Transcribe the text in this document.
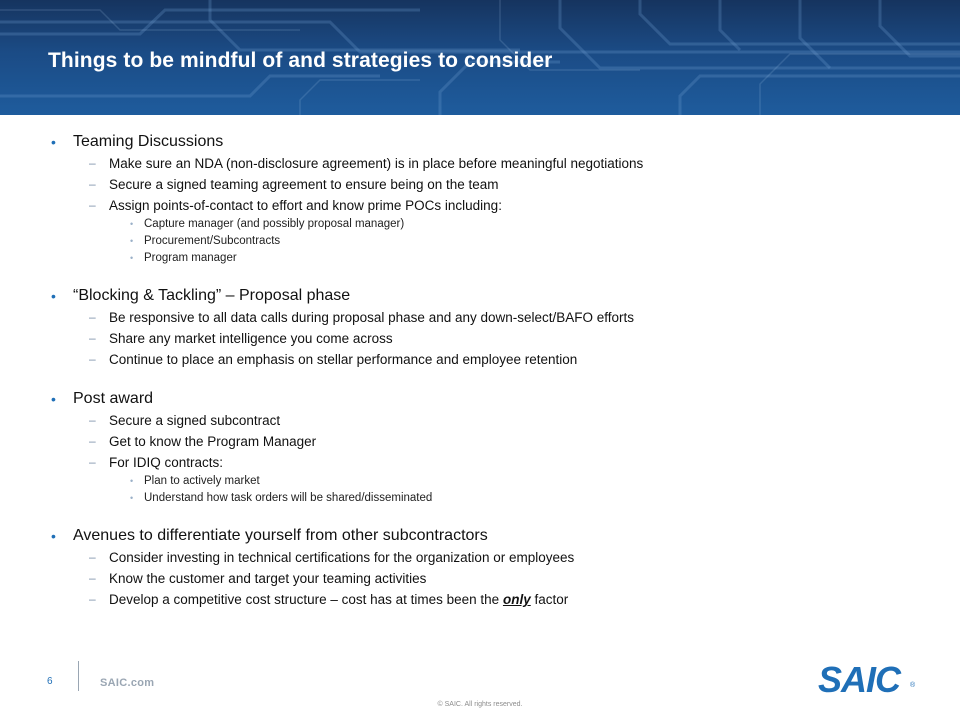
Things to be mindful of and strategies to consider
• Teaming Discussions
– Make sure an NDA (non-disclosure agreement) is in place before meaningful negotiations
– Secure a signed teaming agreement to ensure being on the team
– Assign points-of-contact to effort and know prime POCs including:
• Capture manager (and possibly proposal manager)
• Procurement/Subcontracts
• Program manager
• “Blocking & Tackling” – Proposal phase
– Be responsive to all data calls during proposal phase and any down-select/BAFO efforts
– Share any market intelligence you come across
– Continue to place an emphasis on stellar performance and employee retention
• Post award
– Secure a signed subcontract
– Get to know the Program Manager
– For IDIQ contracts:
• Plan to actively market
• Understand how task orders will be shared/disseminated
• Avenues to differentiate yourself from other subcontractors
– Consider investing in technical certifications for the organization or employees
– Know the customer and target your teaming activities
– Develop a competitive cost structure – cost has at times been the only factor
6	SAIC.com
© SAIC. All rights reserved.
SAIC ®
